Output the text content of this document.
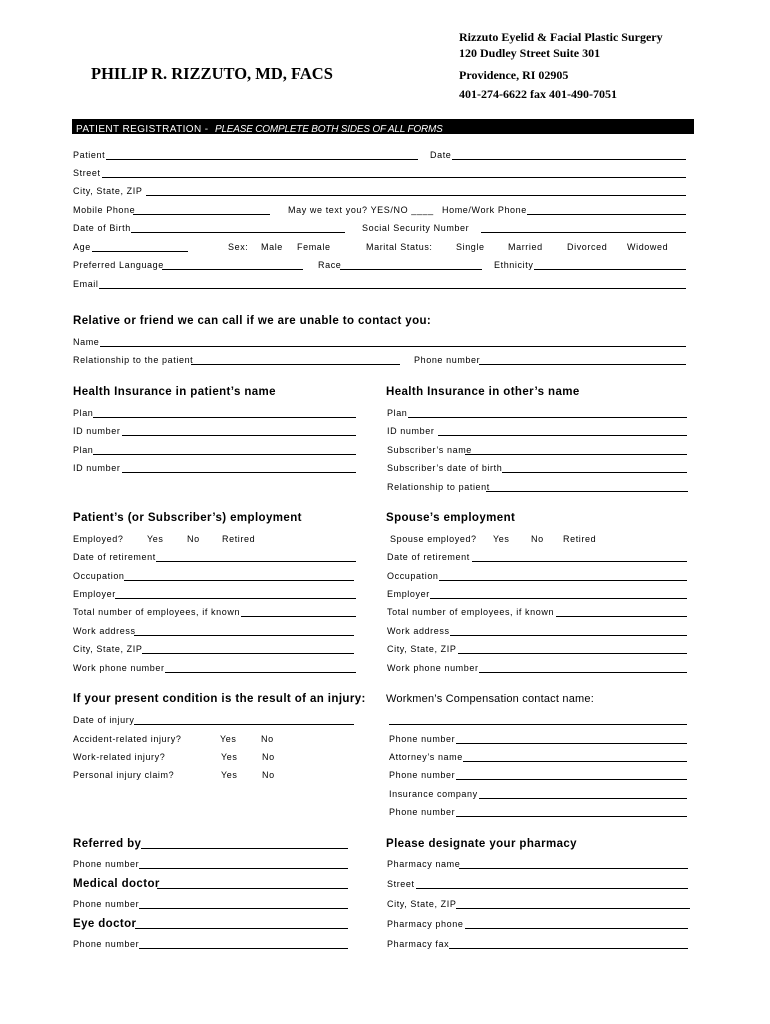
PHILIP R. RIZZUTO, MD, FACS
Rizzuto Eyelid & Facial Plastic Surgery
120 Dudley Street Suite 301
Providence, RI 02905
401-274-6622 fax 401-490-7051
PATIENT REGISTRATION - PLEASE COMPLETE BOTH SIDES OF ALL FORMS
Patient	Date
Street
City, State, ZIP
Mobile Phone	May we text you? YES/NO ____ Home/Work Phone
Date of Birth	Social Security Number
Age	Sex: Male Female	Marital Status:	Single	Married	Divorced Widowed
Preferred Language	Race	Ethnicity
Email
Relative or friend we can call if we are unable to contact you:
Name
Relationship to the patient	Phone number
Health Insurance in patient’s name
Plan
ID number
Plan
ID number
Health Insurance in other’s name
Plan
ID number
Subscriber’s name
Subscriber’s date of birth
Relationship to patient
Patient’s (or Subscriber’s) employment
Employed?	Yes	No Retired
Date of retirement
Occupation
Employer
Total number of employees, if known
Work address
City, State, ZIP
Work phone number
Spouse’s employment
Spouse employed? Yes No Retired
Date of retirement
Occupation
Employer
Total number of employees, if known
Work address
City, State, ZIP
Work phone number
If your present condition is the result of an injury:
Date of injury
Accident-related injury?	Yes	No
Work-related injury?	Yes	No
Personal injury claim?	Yes	No
Workmen’s Compensation contact name:
Phone number
Attorney’s name
Phone number
Insurance company
Phone number
Referred by
Phone number
Medical doctor
Phone number
Eye doctor
Phone number
Please designate your pharmacy
Pharmacy name
Street
City, State, ZIP
Pharmacy phone
Pharmacy fax
